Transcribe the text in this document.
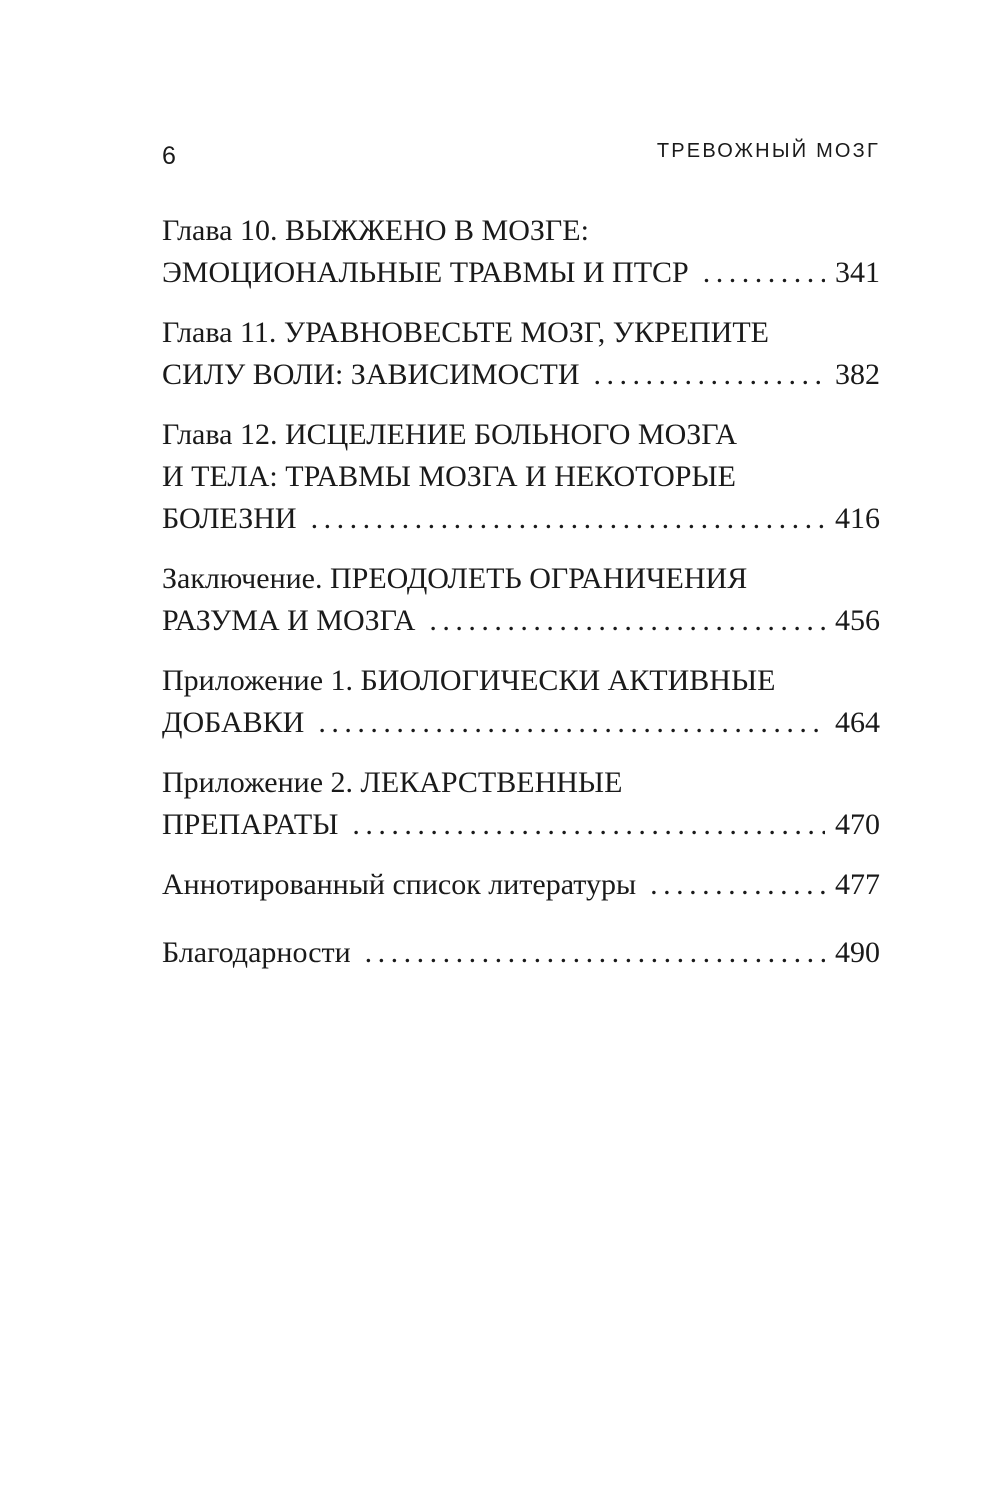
6	ТРЕВОЖНЫЙ МОЗГ
Глава 10. ВЫЖЖЕНО В МОЗГЕ:
ЭМОЦИОНАЛЬНЫЕ ТРАВМЫ И ПТСР . . .	341
Глава 11. УРАВНОВЕСЬТЕ МОЗГ, УКРЕПИТЕ
СИЛУ ВОЛИ: ЗАВИСИМОСТИ . . .	382
Глава 12. ИСЦЕЛЕНИЕ БОЛЬНОГО МОЗГА
И ТЕЛА: ТРАВМЫ МОЗГА И НЕКОТОРЫЕ
БОЛЕЗНИ . . .	416
Заключение. ПРЕОДОЛЕТЬ ОГРАНИЧЕНИЯ
РАЗУМА И МОЗГА . . .	456
Приложение 1. БИОЛОГИЧЕСКИ АКТИВНЫЕ
ДОБАВКИ . . .	464
Приложение 2. ЛЕКАРСТВЕННЫЕ
ПРЕПАРАТЫ . . .	470
Аннотированный список литературы . . .	477
Благодарности . . .	490
